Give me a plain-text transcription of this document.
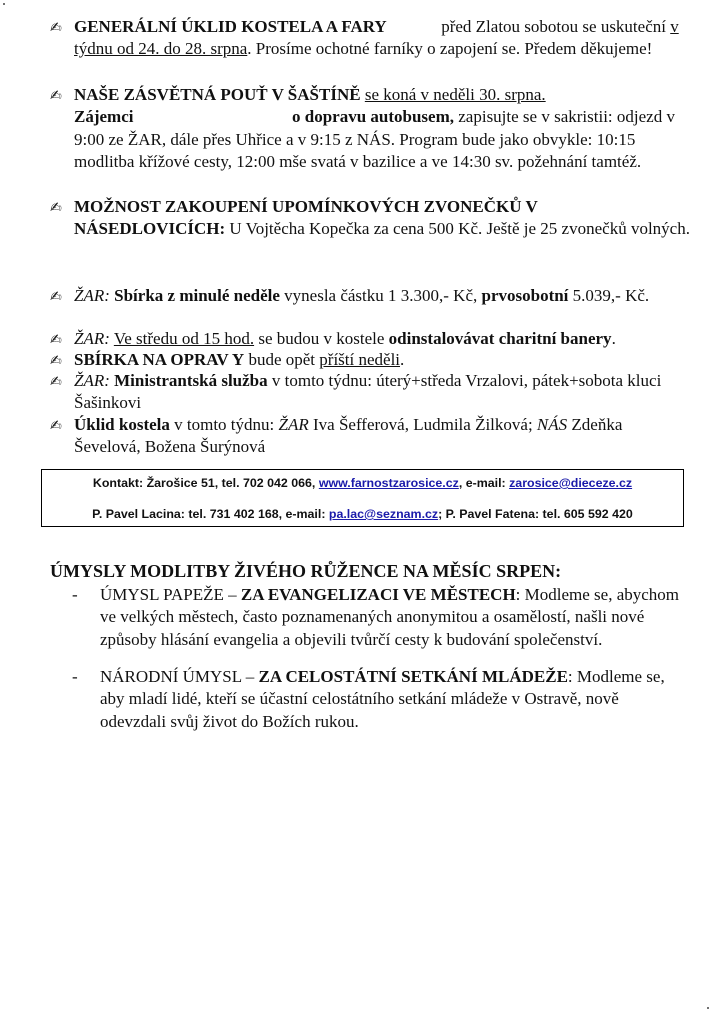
✍ GENERÁLNÍ ÚKLID KOSTELA A FARY	před Zlatou sobotou se uskuteční v týdnu od 24. do 28. srpna. Prosíme ochotné farníky o zapojení se. Předem děkujeme!
✍ NAŠE ZÁSVĚTNÁ POUŤ V ŠAŠTÍNĚ se koná v neděli 30. srpna.
Zájemci	o dopravu autobusem, zapisujte se v sakristii: odjezd v 9:00 ze ŽAR, dále přes Uhřice a v 9:15 z NÁS. Program bude jako obvykle: 10:15 modlitba křížové cesty, 12:00 mše svatá v bazilice a ve 14:30 sv. požehnání tamtéž.
✍ MOŽNOST ZAKOUPENÍ UPOMÍNKOVÝCH ZVONEČKŮ V NÁSEDLOVICÍCH: U Vojtěcha Kopečka za cena 500 Kč. Ještě je 25 zvonečků volných.
✍ ŽAR: Sbírka z minulé neděle vynesla částku 1 3.300,- Kč, prvosobotní 5.039,- Kč.
✍ ŽAR: Ve středu od 15 hod. se budou v kostele odinstalovávat charitní banery.
✍ SBÍRKA NA OPRAV Y bude opět příští neděli.
✍ ŽAR: Ministrantská služba v tomto týdnu: úterý+středa Vrzalovi, pátek+sobota kluci Šašinkovi
✍ Úklid kostela v tomto týdnu: ŽAR Iva Šefferová, Ludmila Žilková; NÁS Zdeňka Ševelová, Božena Šurýnová
Kontakt: Žarošice 51, tel. 702 042 066, www.farnostzarosice.cz, e-mail: zarosice@dieceze.cz
P. Pavel Lacina: tel. 731 402 168, e-mail: pa.lac@seznam.cz; P. Pavel Fatena: tel. 605 592 420
ÚMYSLY MODLITBY ŽIVÉHO RŮŽENCE NA MĚSÍC SRPEN:
- ÚMYSL PAPEŽE – ZA EVANGELIZACI VE MĚSTECH: Modleme se, abychom ve velkých městech, často poznamenaných anonymitou a osamělostí, našli nové způsoby hlásání evangelia a objevili tvůrčí cesty k budování společenství.
- NÁRODNÍ ÚMYSL – ZA CELOSTÁTNÍ SETKÁNÍ MLÁDEŽE: Modleme se, aby mladí lidé, kteří se účastní celostátního setkání mládeže v Ostravě, nově odevzdali svůj život do Božích rukou.
